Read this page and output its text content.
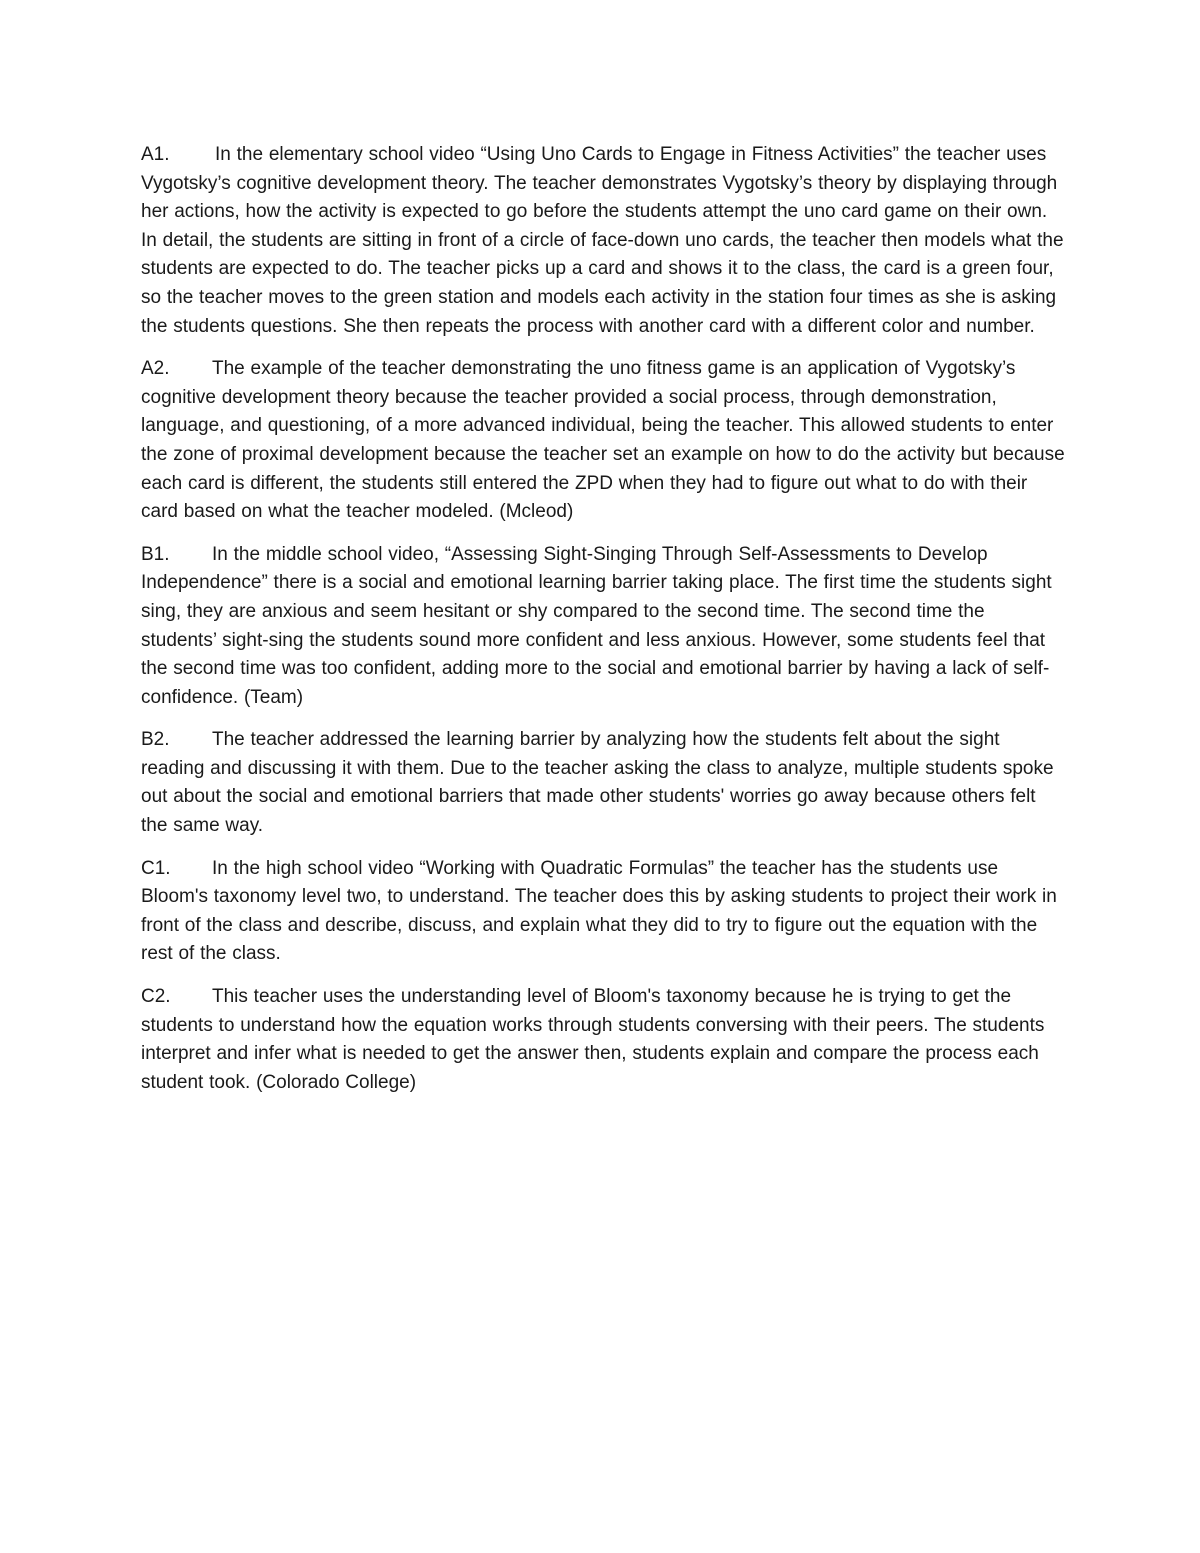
A1. In the elementary school video “Using Uno Cards to Engage in Fitness Activities” the teacher uses Vygotsky’s cognitive development theory. The teacher demonstrates Vygotsky’s theory by displaying through her actions, how the activity is expected to go before the students attempt the uno card game on their own. In detail, the students are sitting in front of a circle of face-down uno cards, the teacher then models what the students are expected to do. The teacher picks up a card and shows it to the class, the card is a green four, so the teacher moves to the green station and models each activity in the station four times as she is asking the students questions. She then repeats the process with another card with a different color and number.

A2. The example of the teacher demonstrating the uno fitness game is an application of Vygotsky’s cognitive development theory because the teacher provided a social process, through demonstration, language, and questioning, of a more advanced individual, being the teacher. This allowed students to enter the zone of proximal development because the teacher set an example on how to do the activity but because each card is different, the students still entered the ZPD when they had to figure out what to do with their card based on what the teacher modeled. (Mcleod)

B1. In the middle school video, “Assessing Sight-Singing Through Self-Assessments to Develop Independence” there is a social and emotional learning barrier taking place. The first time the students sight sing, they are anxious and seem hesitant or shy compared to the second time. The second time the students’ sight-sing the students sound more confident and less anxious. However, some students feel that the second time was too confident, adding more to the social and emotional barrier by having a lack of self-confidence. (Team)

B2. The teacher addressed the learning barrier by analyzing how the students felt about the sight reading and discussing it with them. Due to the teacher asking the class to analyze, multiple students spoke out about the social and emotional barriers that made other students' worries go away because others felt the same way.

C1. In the high school video “Working with Quadratic Formulas” the teacher has the students use Bloom's taxonomy level two, to understand. The teacher does this by asking students to project their work in front of the class and describe, discuss, and explain what they did to try to figure out the equation with the rest of the class.

C2. This teacher uses the understanding level of Bloom's taxonomy because he is trying to get the students to understand how the equation works through students conversing with their peers. The students interpret and infer what is needed to get the answer then, students explain and compare the process each student took. (Colorado College)
